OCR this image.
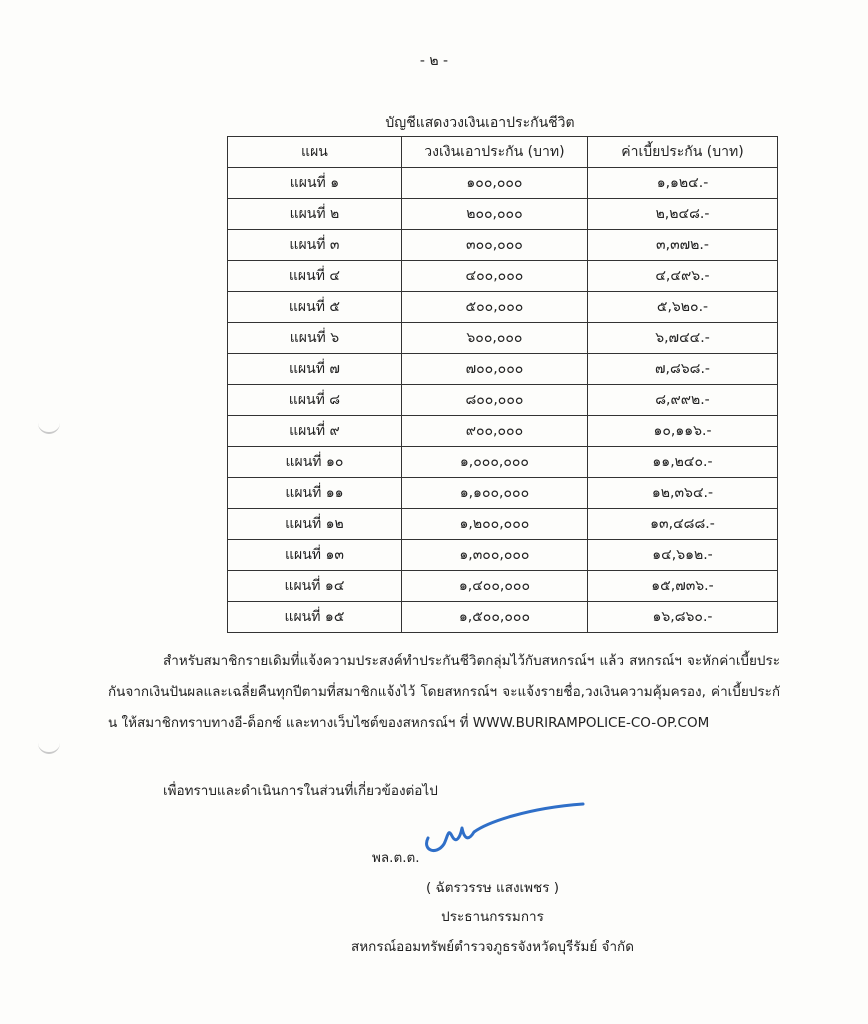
- ๒ -
บัญชีแสดงวงเงินเอาประกันชีวิต
แผน	วงเงินเอาประกัน (บาท)	ค่าเบี้ยประกัน (บาท)
แผนที่ ๑	๑๐๐,๐๐๐	๑,๑๒๔.-
แผนที่ ๒	๒๐๐,๐๐๐	๒,๒๔๘.-
แผนที่ ๓	๓๐๐,๐๐๐	๓,๓๗๒.-
แผนที่ ๔	๔๐๐,๐๐๐	๔,๔๙๖.-
แผนที่ ๕	๕๐๐,๐๐๐	๕,๖๒๐.-
แผนที่ ๖	๖๐๐,๐๐๐	๖,๗๔๔.-
แผนที่ ๗	๗๐๐,๐๐๐	๗,๘๖๘.-
แผนที่ ๘	๘๐๐,๐๐๐	๘,๙๙๒.-
แผนที่ ๙	๙๐๐,๐๐๐	๑๐,๑๑๖.-
แผนที่ ๑๐	๑,๐๐๐,๐๐๐	๑๑,๒๔๐.-
แผนที่ ๑๑	๑,๑๐๐,๐๐๐	๑๒,๓๖๔.-
แผนที่ ๑๒	๑,๒๐๐,๐๐๐	๑๓,๔๘๘.-
แผนที่ ๑๓	๑,๓๐๐,๐๐๐	๑๔,๖๑๒.-
แผนที่ ๑๔	๑,๔๐๐,๐๐๐	๑๕,๗๓๖.-
แผนที่ ๑๕	๑,๕๐๐,๐๐๐	๑๖,๘๖๐.-
สำหรับสมาชิกรายเดิมที่แจ้งความประสงค์ทำประกันชีวิตกลุ่มไว้กับสหกรณ์ฯ แล้ว สหกรณ์ฯ จะหักค่าเบี้ยประกันจากเงินปันผลและเฉลี่ยคืนทุกปีตามที่สมาชิกแจ้งไว้ โดยสหกรณ์ฯ จะแจ้งรายชื่อ,วงเงินความคุ้มครอง, ค่าเบี้ยประกัน ให้สมาชิกทราบทางอี-ด็อกซ์ และทางเว็บไซต์ของสหกรณ์ฯ ที่ WWW.BURIRAMPOLICE-CO-OP.COM
เพื่อทราบและดำเนินการในส่วนที่เกี่ยวข้องต่อไป
พล.ต.ต.
( ฉัตรวรรษ แสงเพชร )
ประธานกรรมการ
สหกรณ์ออมทรัพย์ตำรวจภูธรจังหวัดบุรีรัมย์ จำกัด
